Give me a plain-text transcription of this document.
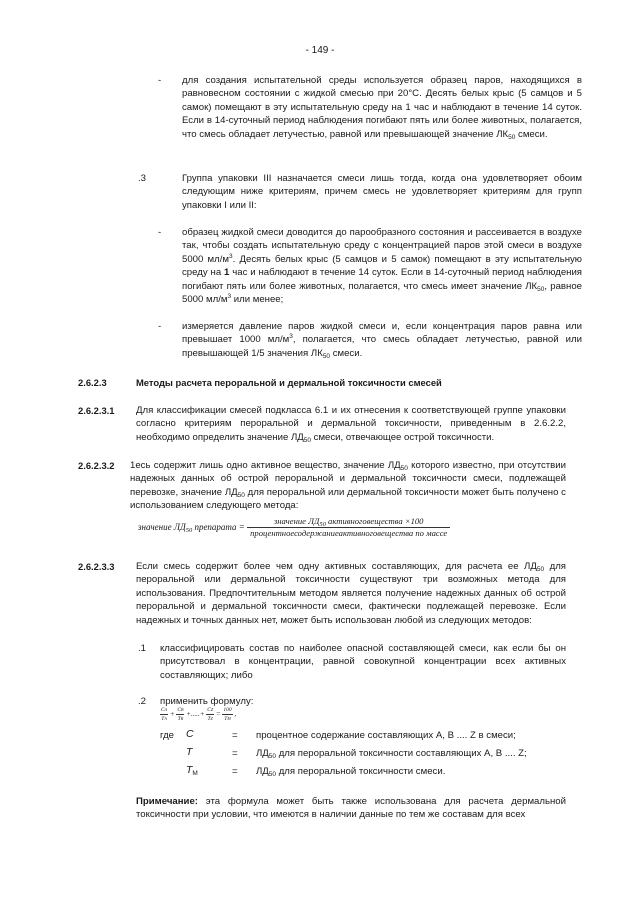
- 149 -
- для создания испытательной среды используется образец паров, находящихся в равновесном состоянии с жидкой смесью при 20°С. Десять белых крыс (5 самцов и 5 самок) помещают в эту испытательную среду на 1 час и наблюдают в течение 14 суток. Если в 14-суточный период наблюдения погибают пять или более животных, полагается, что смесь обладает летучестью, равной или превышающей значение $ЛК_{50}$ смеси.
.3	Группа упаковки III назначается смеси лишь тогда, когда она удовлетворяет обоим следующим ниже критериям, причем смесь не удовлетворяет критериям для групп упаковки I или II:
- образец жидкой смеси доводится до парообразного состояния и рассеивается в воздухе так, чтобы создать испытательную среду с концентрацией паров этой смеси в воздухе 5000 $мл/м^3$. Десять белых крыс (5 самцов и 5 самок) помещают в эту испытательную среду на 1 час и наблюдают в течение 14 суток. Если в 14-суточный период наблюдения погибают пять или более животных, полагается, что смесь имеет значение $ЛК_{50}$, равное 5000 $мл/м^3$ или менее;
- измеряется давление паров жидкой смеси и, если концентрация паров равна или превышает 1000 $мл/м^3$, полагается, что смесь обладает летучестью, равной или превышающей 1/5 значения $ЛК_{50}$ смеси.
2.6.2.3	Методы расчета пероральной и дермальной токсичности смесей
2.6.2.3.1 Для классификации смесей подкласса 6.1 и их отнесения к соответствующей группе упаковки согласно критериям пероральной и дермальной токсичности, приведенным в 2.6.2.2, необходимо определить значение $ЛД_{50}$ смеси, отвечающее острой токсичности.
2.6.2.3.2 1есь содержит лишь одно активное вещество, значение $ЛД_{50}$ которого известно, при отсутствии надежных данных об острой пероральной и дермальной токсичности смеси, подлежащей перевозке, значение $ЛД_{50}$ для пероральной или дермальной токсичности может быть получено с использованием следующего метода:
значение $ЛД_{50}$ препарата = $\frac{значение ЛД_{50} активноговещества \times 100}{\text{процентноесодержаниеактивноговещества по массе}}$
2.6.2.3.3 Если смесь содержит более чем одну активных составляющих, для расчета ее $ЛД_{50}$ для пероральной или дермальной токсичности существуют три возможных метода для использования. Предпочтительным методом является получение надежных данных об острой пероральной и дермальной токсичности смеси, фактически подлежащей перевозке. Если надежных и точных данных нет, может быть использован любой из следующих методов:
.1 классифицировать состав по наиболее опасной составляющей смеси, как если бы он присутствовал в концентрации, равной совокупной концентрации всех активных составляющих; либо
.2 применить формулу:
$\frac{CA}{TA} + \frac{CB}{TB}$ +.....+ $\frac{CZ}{TZ} = \frac{100}{TM}$ ,
где C	= процентное содержание составляющих А, В .... Z в смеси;
T	= $ЛД_{50}$ для пероральной токсичности составляющих А, В .... Z;
$T_M$	= $ЛД_{50}$ для пероральной токсичности смеси.
Примечание: эта формула может быть также использована для расчета дермальной токсичности при условии, что имеются в наличии данные по тем же составам для всех
